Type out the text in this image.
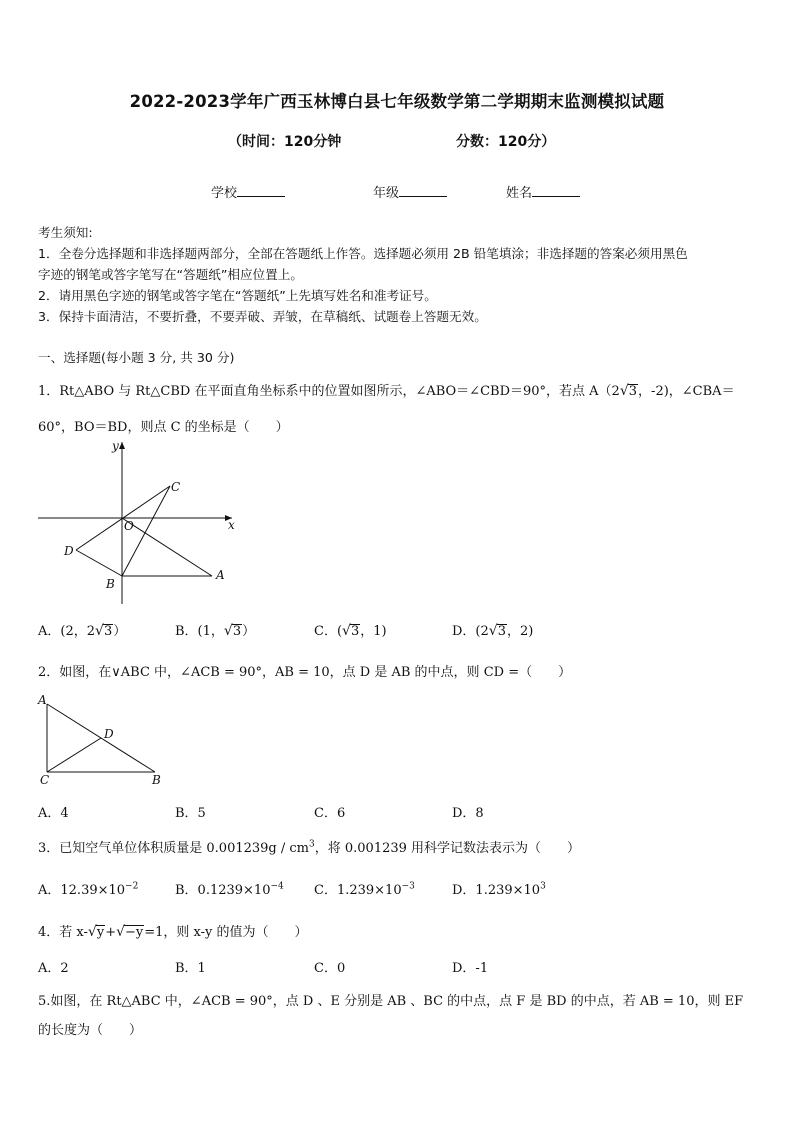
2022-2023学年广西玉林博白县七年级数学第二学期期末监测模拟试题
（时间：120分钟	分数：120分）
学校	年级	姓名
考生须知:
1．全卷分选择题和非选择题两部分，全部在答题纸上作答。选择题必须用 2B 铅笔填涂；非选择题的答案必须用黑色
字迹的钢笔或答字笔写在“答题纸”相应位置上。
2．请用黑色字迹的钢笔或答字笔在“答题纸”上先填写姓名和准考证号。
3．保持卡面清洁，不要折叠，不要弄破、弄皱，在草稿纸、试题卷上答题无效。
一、选择题(每小题 3 分, 共 30 分)
1．Rt△ABO 与 Rt△CBD 在平面直角坐标系中的位置如图所示，∠ABO＝∠CBD＝90°，若点 A（2√3，-2)，∠CBA＝
60°，BO＝BD，则点 C 的坐标是（　　）
y
x
C
O
D
B
A
A．(2，2√3）	B．(1，√3）	C．(√3，1)	D．(2√3，2)
2．如图，在∨ABC 中，∠ACB = 90°，AB = 10，点 D 是 AB 的中点，则 CD =（　　）
A
D
C	B
A．4	B．5	C．6	D．8
3．已知空气单位体积质量是 $0.001239g / cm^3$，将 0.001239 用科学记数法表示为（　　）
A．$12.39\times 10^{-2}$	B．$0.1239\times 10^{-4}$ C．$1.239\times 10^{-3}$	D．$1.239\times 10^3$
4．若 x-√y+√−y=1，则 x-y 的值为（　　）
A．2	B．1	C．0	D．-1
5.如图，在 Rt△ABC 中，∠ACB = 90°，点 D 、E 分别是 AB 、BC 的中点，点 F 是 BD 的中点，若 AB = 10，则 EF
的长度为（　　）
